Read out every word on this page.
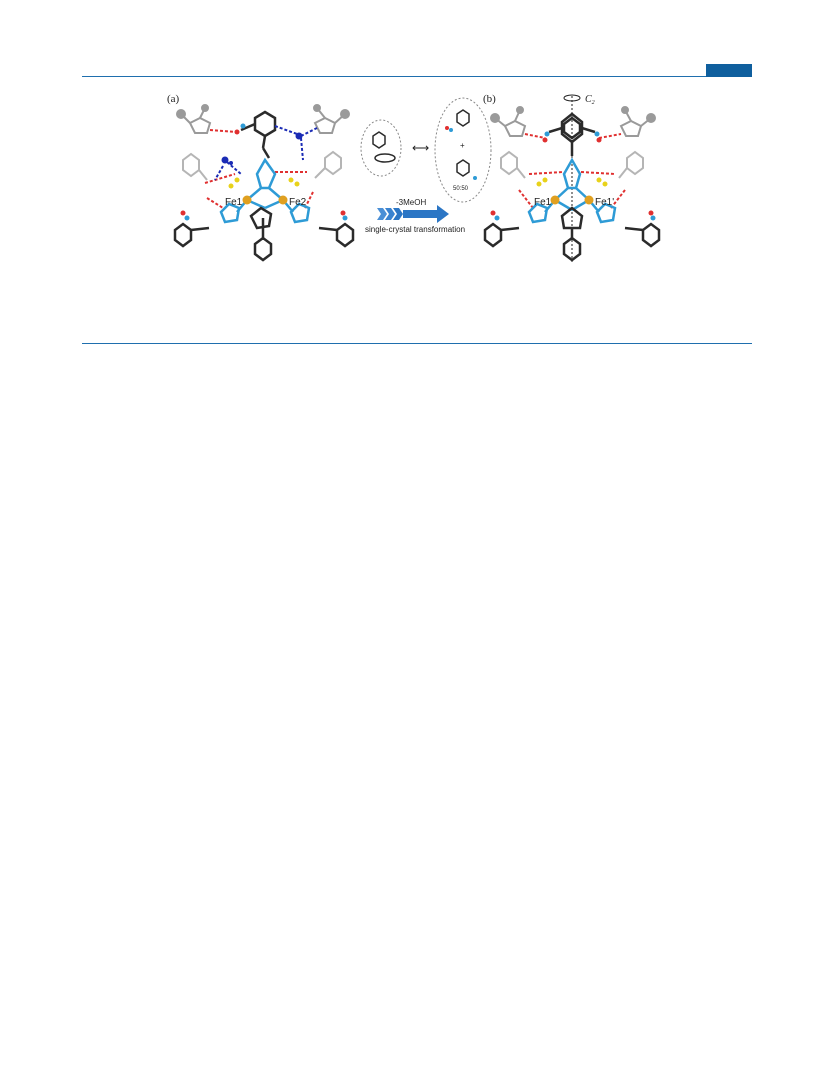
(a)
Fe1	Fe2
⟷	+
50:50
-3MeOH
single-crystal transformation
(b)	$C_2$
Fe1	Fe1'
